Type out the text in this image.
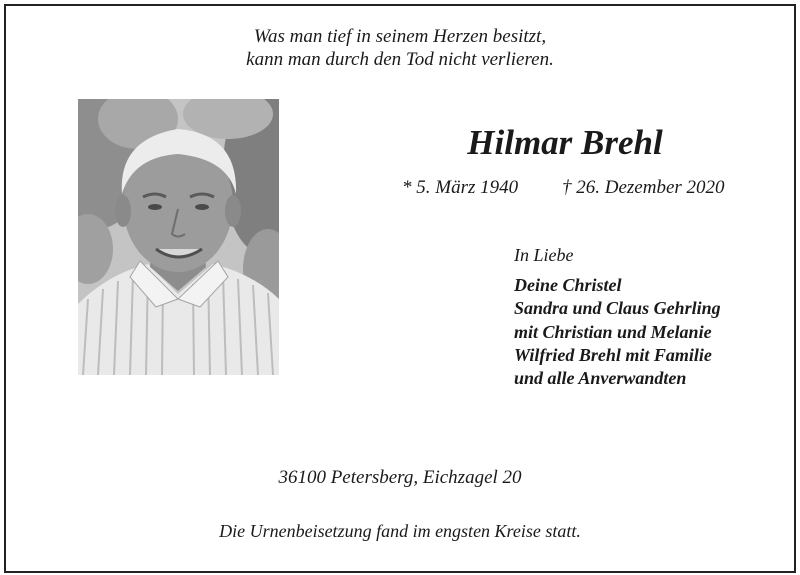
Was man tief in seinem Herzen besitzt,
kann man durch den Tod nicht verlieren.
Hilmar Brehl
* 5. März 1940 † 26. Dezember 2020
In Liebe
Deine Christel
Sandra und Claus Gehrling
mit Christian und Melanie
Wilfried Brehl mit Familie
und alle Anverwandten
36100 Petersberg, Eichzagel 20
Die Urnenbeisetzung fand im engsten Kreise statt.
